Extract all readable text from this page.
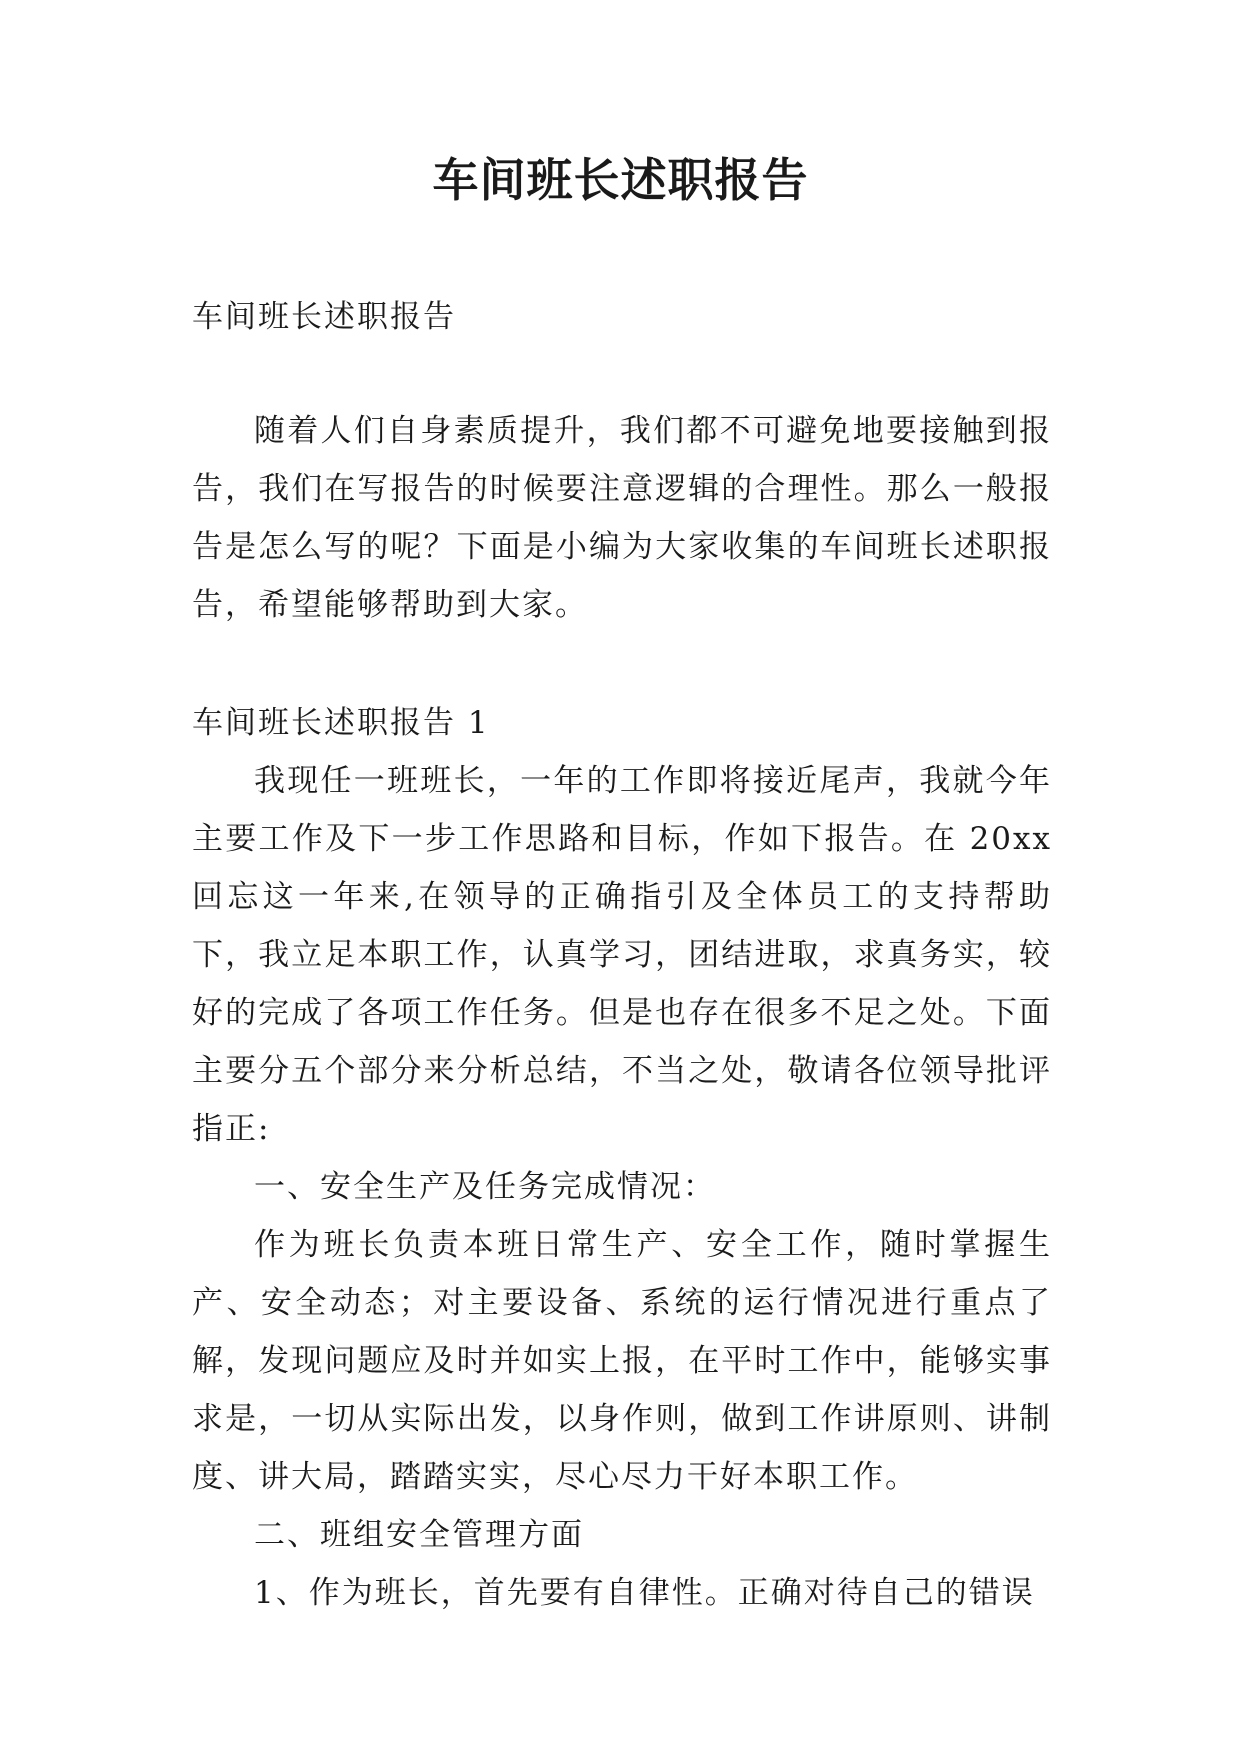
车间班长述职报告

车间班长述职报告

随着人们自身素质提升，我们都不可避免地要接触到报告，我们在写报告的时候要注意逻辑的合理性。那么一般报告是怎么写的呢？下面是小编为大家收集的车间班长述职报告，希望能够帮助到大家。

车间班长述职报告 1

我现任一班班长，一年的工作即将接近尾声，我就今年主要工作及下一步工作思路和目标，作如下报告。在 20xx 回忘这一年来,在领导的正确指引及全体员工的支持帮助下，我立足本职工作，认真学习，团结进取，求真务实，较好的完成了各项工作任务。但是也存在很多不足之处。下面主要分五个部分来分析总结，不当之处，敬请各位领导批评指正:

一、安全生产及任务完成情况：

作为班长负责本班日常生产、安全工作，随时掌握生产、安全动态；对主要设备、系统的运行情况进行重点了解，发现问题应及时并如实上报，在平时工作中，能够实事求是，一切从实际出发，以身作则，做到工作讲原则、讲制度、讲大局，踏踏实实，尽心尽力干好本职工作。

二、班组安全管理方面

1、作为班长，首先要有自律性。正确对待自己的错误
